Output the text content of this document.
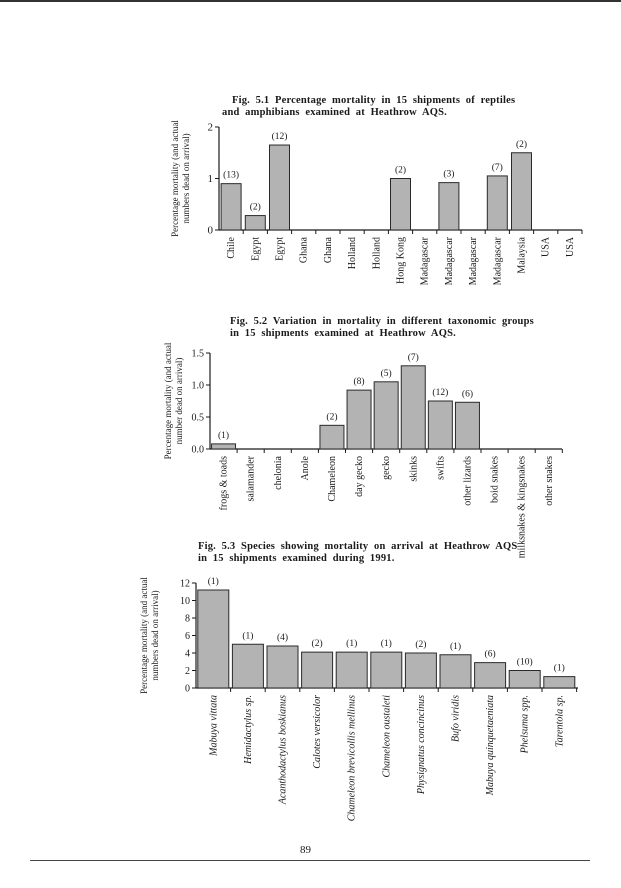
Fig.  5.1  Percentage  mortality  in  15  shipments  of  reptiles
and  amphibians  examined  at  Heathrow  AQS.
Fig.  5.2  Variation  in  mortality  in  different  taxonomic  groups
in  15  shipments  examined  at  Heathrow  AQS.
Fig.  5.3  Species  showing  mortality  on  arrival  at  Heathrow  AQS
in  15  shipments  examined  during  1991.
0
1
2
Percentage mortality (and actual numbers dead on arrival)	(13)
Chile
(2)
Egypt
(12)
Egypt Ghana Ghana Holland Holland
(2)
Hong Kong Madagascar
(3)
Madagascar Madagascar
(7)
Madagascar
(2)
Malaysia USA USA
0.0
0.5
1.0
1.5
Percentage mortality (and actual number dead on arrival)	(1)
frogs & toads salamander chelonia Anole
(2)
Chameleon
(8)
day gecko
(5)
gecko
(7)
skinks
(12)
swifts
(6)
other lizards boid snakes milksnakes & kingsnakes other snakes
0
2
4
6
8
10
12
Percentage mortality (and actual numbers dead on arrival)
(1)
Mabuya vittata
(1)
Hemidactylus sp.
(4)
Acanthodactylus boskianus
(2)
Calotes versicolor
(1)
Chameleon brevicollis mellinus
(1)
Chameleon oustaleti
(2)
Physignatus concincinus
(1)
Bufo viridis
(6)
Mabuya quinquetaeniata
(10)
Phelsuma spp.
(1)
Tarentola sp.
89
